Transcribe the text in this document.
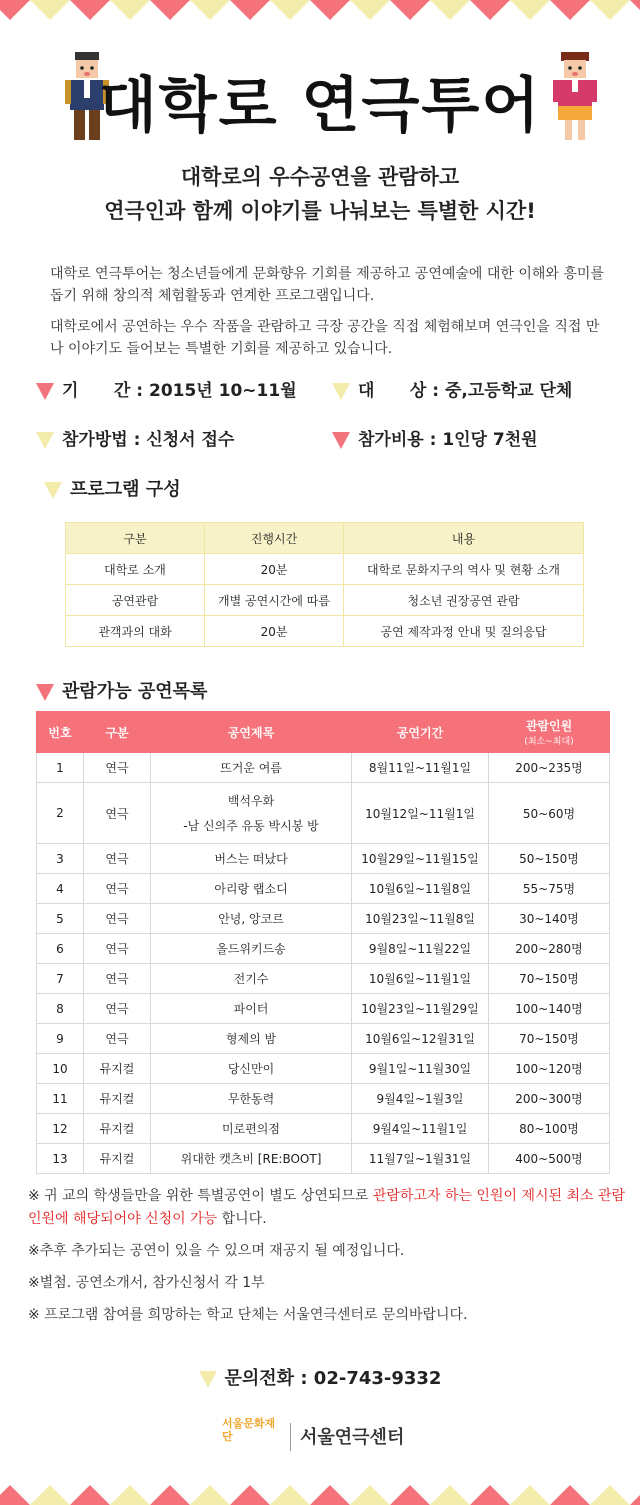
대학로 연극투어
대학로의 우수공연을 관람하고
연극인과 함께 이야기를 나눠보는 특별한 시간!
대학로 연극투어는 청소년들에게 문화향유 기회를 제공하고 공연예술에 대한 이해와 흥미를 돕기 위해 창의적 체험활동과 연계한 프로그램입니다.
대학로에서 공연하는 우수 작품을 관람하고 극장 공간을 직접 체험해보며 연극인을 직접 만나 이야기도 들어보는 특별한 기회를 제공하고 있습니다.
기      간 : 2015년 10~11월	대      상 : 중,고등학교 단체
참가방법 : 신청서 접수	참가비용 : 1인당 7천원
프로그램 구성
구분	진행시간	내용
대학로 소개	20분	대학로 문화지구의 역사 및 현황 소개
공연관람	개별 공연시간에 따름	청소년 권장공연 관람
관객과의 대화	20분	공연 제작과정 안내 및 질의응답
관람가능 공연목록
번호	구분	공연제목	공연기간	관람인원
(최소~최대)

1	연극	뜨거운 여름	8월11일~11월1일	200~235명
2	연극	백석우화
-남 신의주 유동 박시봉 방	10월12일~11월1일	50~60명
3	연극	버스는 떠났다	10월29일~11월15일	50~150명
4	연극	아리랑 랩소디	10월6일~11월8일	55~75명
5	연극	안녕, 앙코르	10월23일~11월8일	30~140명
6	연극	올드위키드송	9월8일~11월22일	200~280명
7	연극	전기수	10월6일~11월1일	70~150명
8	연극	파이터	10월23일~11월29일	100~140명
9	연극	형제의 밤	10월6일~12월31일	70~150명
10	뮤지컬	당신만이	9월1일~11월30일	100~120명
11	뮤지컬	무한동력	9월4일~1월3일	200~300명
12	뮤지컬	미로편의점	9월4일~11월1일	80~100명
13	뮤지컬	위대한 캣츠비 [RE:BOOT]	11월7일~1월31일	400~500명

※ 귀 교의 학생들만을 위한 특별공연이 별도 상연되므로 관람하고자 하는 인원이 제시된 최소 관람인원에 해당되어야 신청이 가능 합니다.

※추후 추가되는 공연이 있을 수 있으며 재공지 될 예정입니다.

※별첨. 공연소개서, 참가신청서 각 1부

※ 프로그램 참여를 희망하는 학교 단체는 서울연극센터로 문의바랍니다.

문의전화 : 02-743-9332
서울문화재단	서울연극센터
